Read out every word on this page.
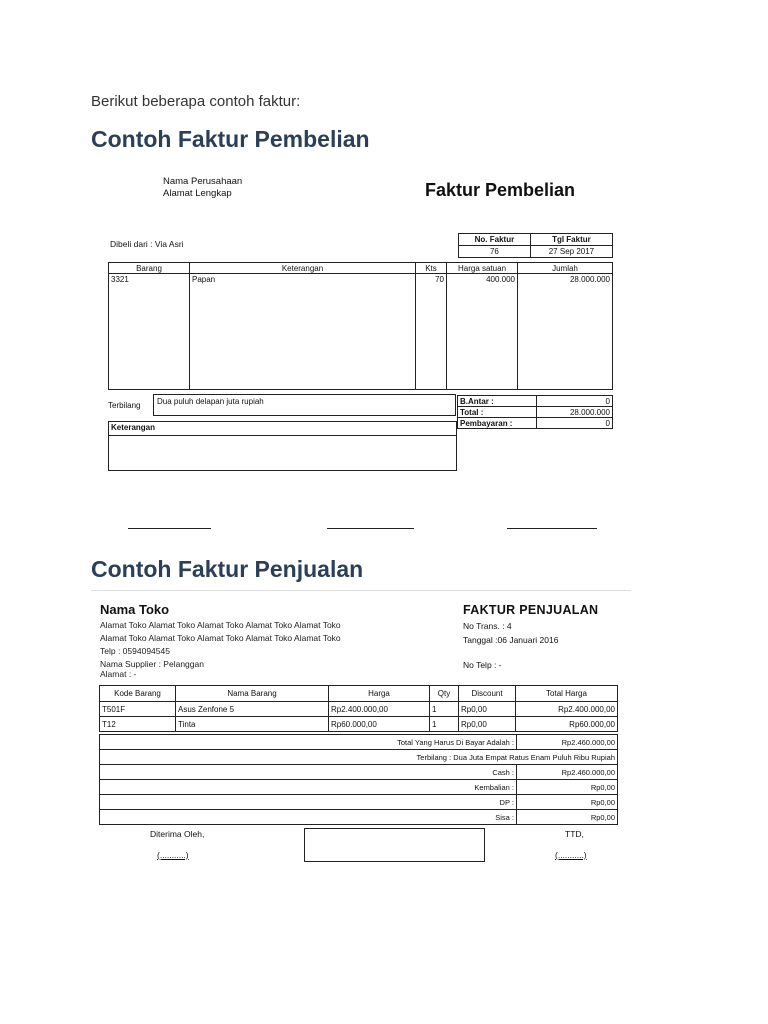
Berikut beberapa contoh faktur:
Contoh Faktur Pembelian
Nama Perusahaan
Alamat Lengkap	Faktur Pembelian
Dibeli dari : Via Asri	No. Faktur	Tgl Faktur
76	27 Sep 2017
Barang	Keterangan	Kts	Harga satuan	Jumlah
3321	Papan	70	400.000	28.000.000
Terbilang	Dua puluh delapan juta rupiah	B.Antar :	0
Total :	28.000.000
Pembayaran :	0
Keterangan
Contoh Faktur Penjualan
Nama Toko
Alamat Toko Alamat Toko Alamat Toko Alamat Toko Alamat Toko
Alamat Toko Alamat Toko Alamat Toko Alamat Toko Alamat Toko
Telp : 0594094545
Nama Supplier : Pelanggan
Alamat : -
FAKTUR PENJUALAN
No Trans. : 4
Tanggal :06 Januari 2016
No Telp : -
Kode Barang	Nama Barang	Harga	Qty	Discount	Total Harga
T501F	Asus Zenfone 5	Rp2.400.000,00	1	Rp0,00	Rp2.400.000,00
T12	Tinta	Rp60.000,00	1	Rp0,00	Rp60.000,00
Total Yang Harus Di Bayar Adalah :	Rp2.460.000,00
Terbilang : Dua Juta Empat Ratus Enam Puluh Ribu Rupiah	
Cash :	Rp2.460.000,00
Kembalian :	Rp0,00
DP :	Rp0,00
Sisa :	Rp0,00
Diterima Oleh,	TTD,
(...........)	(...........)
